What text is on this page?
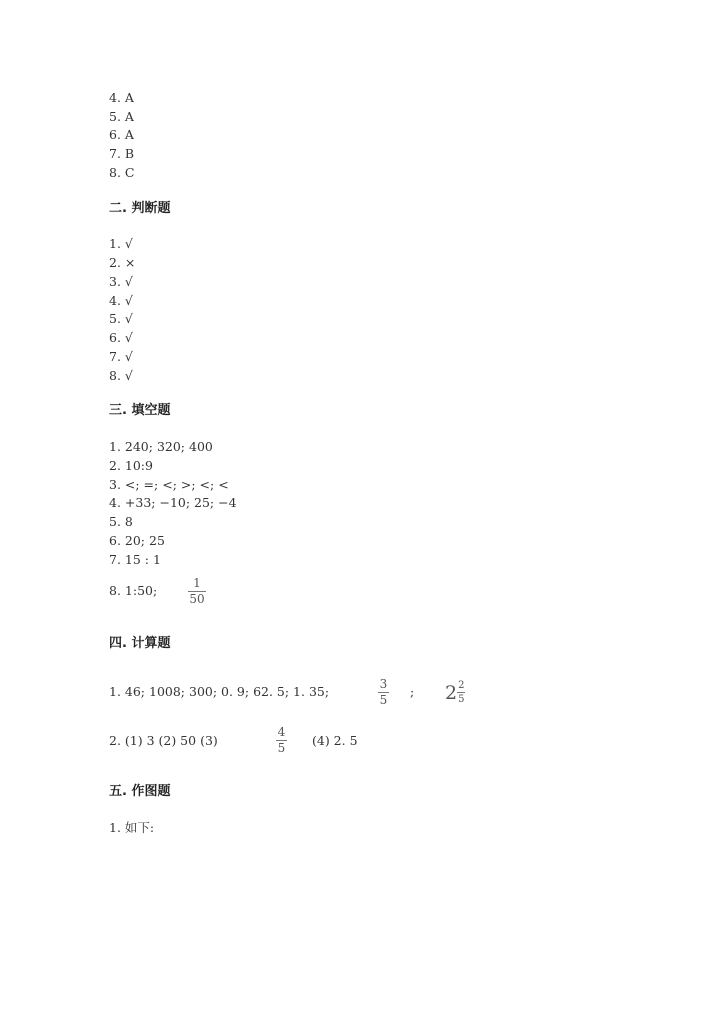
4. A
5. A
6. A
7. B
8. C
二. 判断题
1. √
2. ×
3. √
4. √
5. √
6. √
7. √
8. √
三. 填空题
1. 240; 320; 400
2. 10:9
3. <; =; <; >; <; <
4. +33; −10; 25; −4
5. 8
6. 20; 25
7. 15 : 1
8. 1:50;	1
50
四. 计算题
1. 46; 1008; 300; 0. 9; 62. 5; 1. 35;	3
5
; $2 \frac{2}{5}$
2. (1) 3 (2) 50 (3)
4
5 (4) 2. 5
五. 作图题
1. 如下:
